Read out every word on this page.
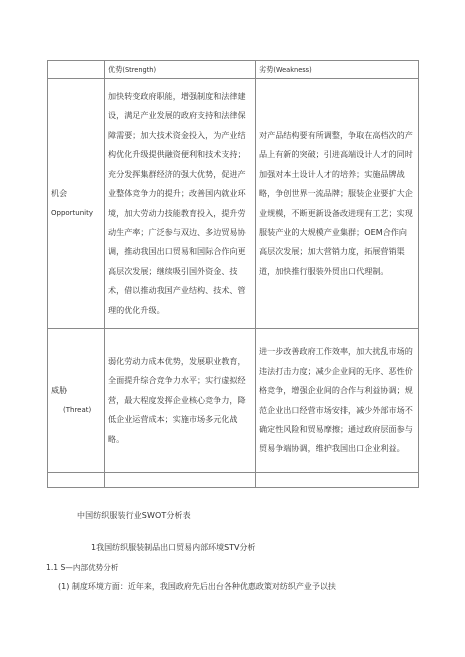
	优势(Strength)	劣势(Weakness)
机会
Opportunity	加快转变政府职能，增强制度和法律建设，满足产业发展的政府支持和法律保障需要；加大技术资金投入，为产业结构优化升级提供融资便利和技术支持；充分发挥集群经济的强大优势，促进产业整体竞争力的提升；改善国内就业环境，加大劳动力技能教育投入，提升劳动生产率；广泛参与双边、多边贸易协调，推动我国出口贸易和国际合作向更高层次发展；继续吸引国外资金、技术，借以推动我国产业结构、技术、管理的优化升级。	对产品结构要有所调整，争取在高档次的产品上有新的突破；引进高端设计人才的同时加强对本土设计人才的培养；实施品牌战略，争创世界一流品牌；服装企业要扩大企业规模，不断更新设备改进现有工艺；实现服装产业的大规模产业集群；OEM合作向高层次发展；加大营销力度，拓展营销渠道，加快推行服装外贸出口代理制。

威胁
(Threat)	弱化劳动力成本优势，发展职业教育，全面提升综合竞争力水平；实行虚拟经营，最大程度发挥企业核心竞争力，降低企业运营成本；实施市场多元化战略。	进一步改善政府工作效率，加大扰乱市场的违法打击力度；减少企业间的无序、恶性价格竞争，增强企业间的合作与利益协调；规范企业出口经营市场安排，减少外部市场不确定性风险和贸易摩擦；通过政府层面参与贸易争端协调，维护我国出口企业利益。

中国纺织服装行业SWOT分析表
1我国纺织服装制品出口贸易内部环境STV分析
1.1 S—内部优势分析
(1) 制度环境方面：近年来，我国政府先后出台各种优惠政策对纺织产业予以扶
